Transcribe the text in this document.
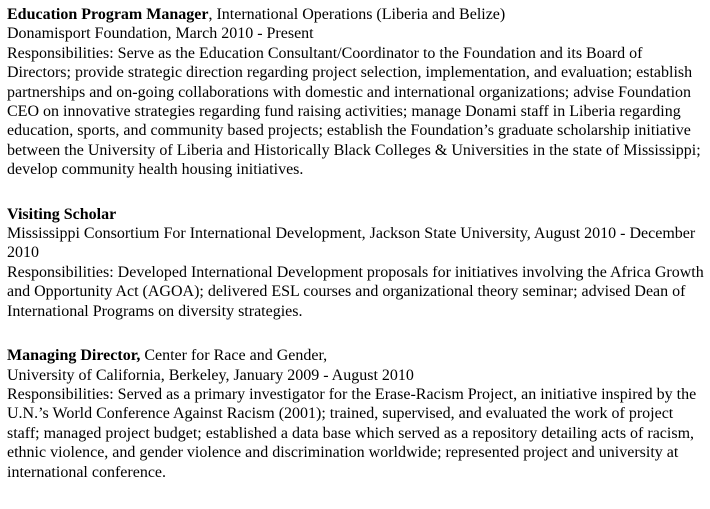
Education Program Manager, International Operations (Liberia and Belize)

Donamisport Foundation, March 2010 - Present

Responsibilities: Serve as the Education Consultant/Coordinator to the Foundation and its Board of Directors; provide strategic direction regarding project selection, implementation, and evaluation; establish partnerships and on-going collaborations with domestic and international organizations; advise Foundation CEO on innovative strategies regarding fund raising activities; manage Donami staff in Liberia regarding education, sports, and community based projects; establish the Foundation’s graduate scholarship initiative between the University of Liberia and Historically Black Colleges & Universities in the state of Mississippi; develop community health housing initiatives.

Visiting Scholar

Mississippi Consortium For International Development, Jackson State University, August 2010 - December 2010

Responsibilities: Developed International Development proposals for initiatives involving the Africa Growth and Opportunity Act (AGOA); delivered ESL courses and organizational theory seminar; advised Dean of International Programs on diversity strategies.

Managing Director, Center for Race and Gender,

University of California, Berkeley, January 2009 - August 2010

Responsibilities: Served as a primary investigator for the Erase-Racism Project, an initiative inspired by the U.N.’s World Conference Against Racism (2001); trained, supervised, and evaluated the work of project staff; managed project budget; established a data base which served as a repository detailing acts of racism, ethnic violence, and gender violence and discrimination worldwide; represented project and university at international conference.
